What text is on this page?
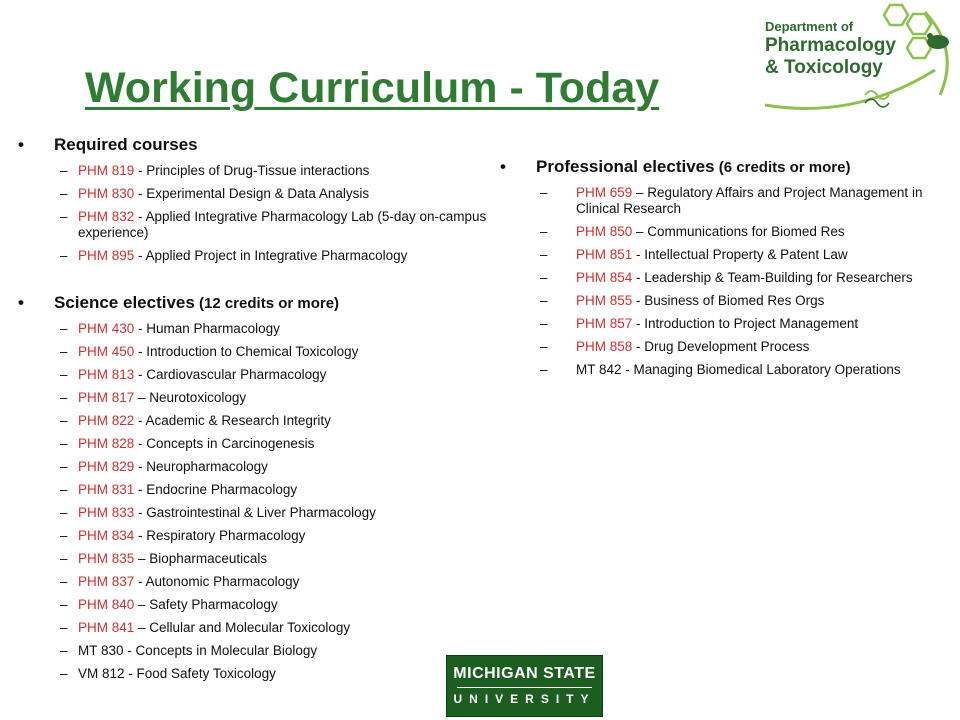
Working Curriculum - Today
Department of
Pharmacology
& Toxicology
•	Required courses
– PHM 819 - Principles of Drug-Tissue interactions
– PHM 830 - Experimental Design & Data Analysis
– PHM 832 - Applied Integrative Pharmacology Lab (5-day on-campus experience)
– PHM 895 - Applied Project in Integrative Pharmacology
•	Science electives (12 credits or more)
– PHM 430 - Human Pharmacology
– PHM 450 - Introduction to Chemical Toxicology
– PHM 813 - Cardiovascular Pharmacology
– PHM 817 – Neurotoxicology
– PHM 822 - Academic & Research Integrity
– PHM 828 - Concepts in Carcinogenesis
– PHM 829 - Neuropharmacology
– PHM 831 - Endocrine Pharmacology
– PHM 833 - Gastrointestinal & Liver Pharmacology
– PHM 834 - Respiratory Pharmacology
– PHM 835 – Biopharmaceuticals
– PHM 837 - Autonomic Pharmacology
– PHM 840 – Safety Pharmacology
– PHM 841 – Cellular and Molecular Toxicology
– MT 830 - Concepts in Molecular Biology
– VM 812 - Food Safety Toxicology
•	Professional electives (6 credits or more)
–	PHM 659 – Regulatory Affairs and Project Management in Clinical Research
–	PHM 850 – Communications for Biomed Res
–	PHM 851 - Intellectual Property & Patent Law
–	PHM 854 - Leadership & Team-Building for Researchers
–	PHM 855 - Business of Biomed Res Orgs
–	PHM 857 - Introduction to Project Management
–	PHM 858 - Drug Development Process
–	MT 842 - Managing Biomedical Laboratory Operations
MICHIGAN STATE
UNIVERSITY
